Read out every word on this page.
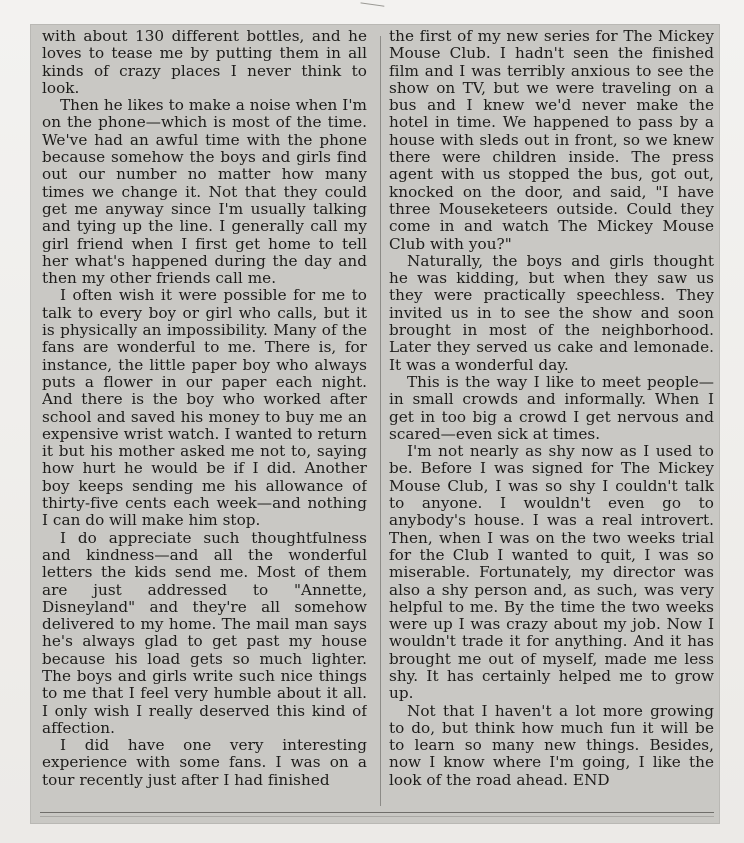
with about 130 different bottles, and he loves to tease me by putting them in all kinds of crazy places I never think to look.

Then he likes to make a noise when I'm on the phone—which is most of the time. We've had an awful time with the phone because somehow the boys and girls find out our number no matter how many times we change it. Not that they could get me anyway since I'm usually talking and tying up the line. I generally call my girl friend when I first get home to tell her what's happened during the day and then my other friends call me.

I often wish it were possible for me to talk to every boy or girl who calls, but it is physically an impossibility. Many of the fans are wonderful to me. There is, for instance, the little paper boy who always puts a flower in our paper each night. And there is the boy who worked after school and saved his money to buy me an expensive wrist watch. I wanted to return it but his mother asked me not to, saying how hurt he would be if I did. Another boy keeps sending me his allowance of thirty-five cents each week—and nothing I can do will make him stop.

I do appreciate such thoughtfulness and kindness—and all the wonderful letters the kids send me. Most of them are just addressed to "Annette, Disneyland" and they're all somehow delivered to my home. The mail man says he's always glad to get past my house because his load gets so much lighter. The boys and girls write such nice things to me that I feel very humble about it all. I only wish I really deserved this kind of affection.

I did have one very interesting experience with some fans. I was on a tour recently just after I had finished

the first of my new series for The Mickey Mouse Club. I hadn't seen the finished film and I was terribly anxious to see the show on TV, but we were traveling on a bus and I knew we'd never make the hotel in time. We happened to pass by a house with sleds out in front, so we knew there were children inside. The press agent with us stopped the bus, got out, knocked on the door, and said, "I have three Mouseketeers outside. Could they come in and watch The Mickey Mouse Club with you?"

Naturally, the boys and girls thought he was kidding, but when they saw us they were practically speechless. They invited us in to see the show and soon brought in most of the neighborhood. Later they served us cake and lemonade. It was a wonderful day.

This is the way I like to meet people—in small crowds and informally. When I get in too big a crowd I get nervous and scared—even sick at times.

I'm not nearly as shy now as I used to be. Before I was signed for The Mickey Mouse Club, I was so shy I couldn't talk to anyone. I wouldn't even go to anybody's house. I was a real introvert. Then, when I was on the two weeks trial for the Club I wanted to quit, I was so miserable. Fortunately, my director was also a shy person and, as such, was very helpful to me. By the time the two weeks were up I was crazy about my job. Now I wouldn't trade it for anything. And it has brought me out of myself, made me less shy. It has certainly helped me to grow up.

Not that I haven't a lot more growing to do, but think how much fun it will be to learn so many new things. Besides, now I know where I'm going, I like the look of the road ahead. END
